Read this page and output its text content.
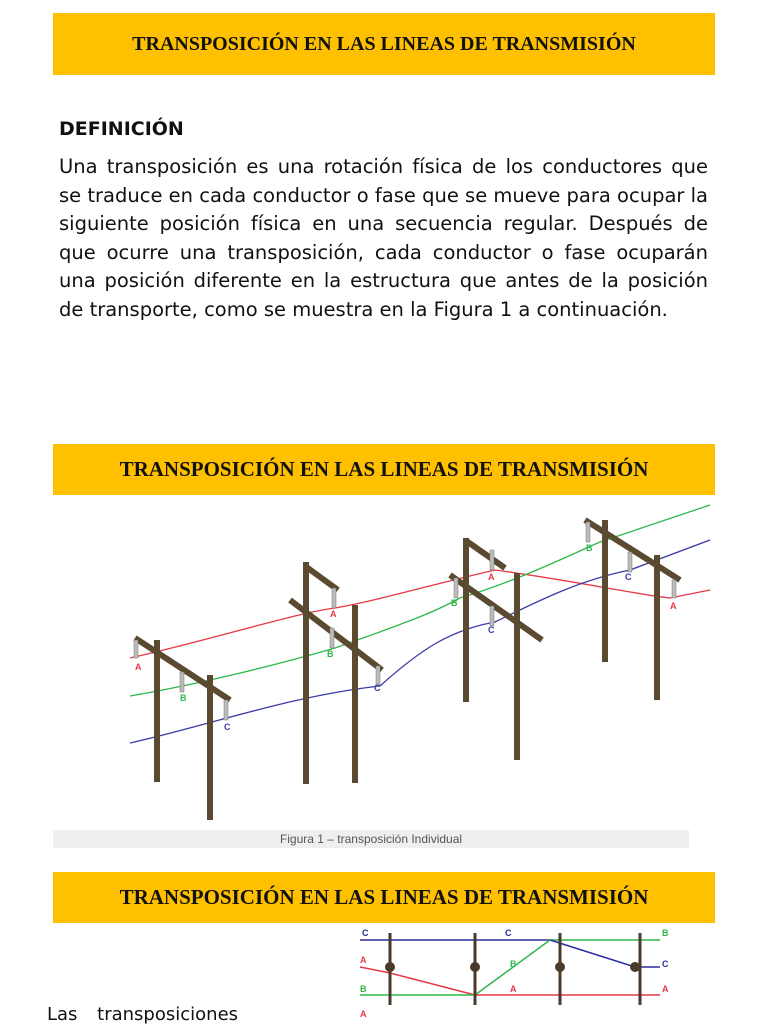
TRANSPOSICIÓN EN LAS LINEAS DE TRANSMISIÓN
DEFINICIÓN
Una transposición es una rotación física de los conductores que se traduce en cada conductor o fase que se mueve para ocupar la siguiente posición física en una secuencia regular. Después de que ocurre una transposición, cada conductor o fase ocuparán una posición diferente en la estructura que antes de la posición de transporte, como se muestra en la Figura 1 a continuación.
TRANSPOSICIÓN EN LAS LINEAS DE TRANSMISIÓN
A
B
C
A
B
C
A
B
C
B
C
A
Figura 1 – transposición Individual
TRANSPOSICIÓN EN LAS LINEAS DE TRANSMISIÓN
C	C	B
A	B	C
B	A	A
A
Las transposiciones
